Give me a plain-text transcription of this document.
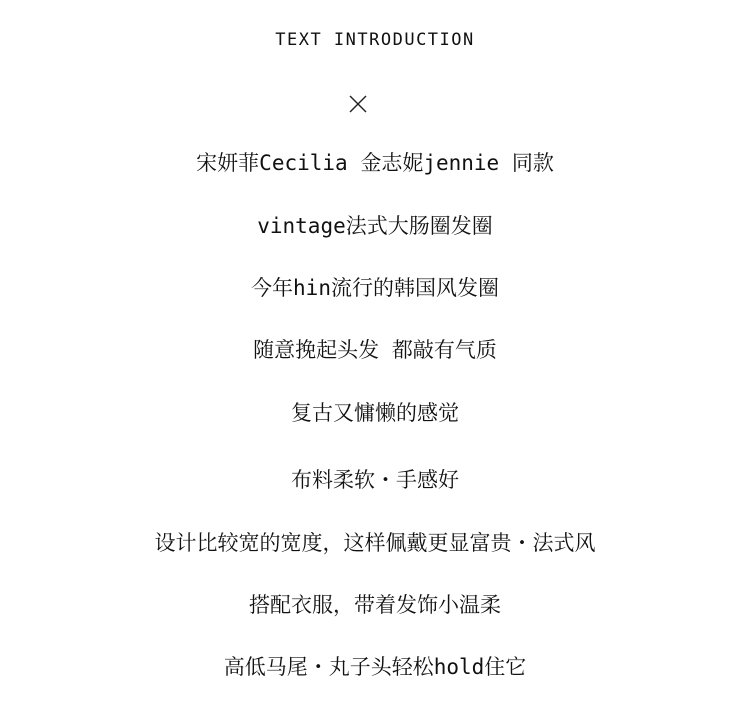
TEXT INTRODUCTION
宋妍菲Cecilia 金志妮jennie 同款
vintage法式大肠圈发圈
今年hin流行的韩国风发圈
随意挽起头发 都敲有气质
复古又慵懒的感觉
布料柔软・手感好
设计比较宽的宽度，这样佩戴更显富贵・法式风
搭配衣服，带着发饰小温柔
高低马尾・丸子头轻松hold住它
